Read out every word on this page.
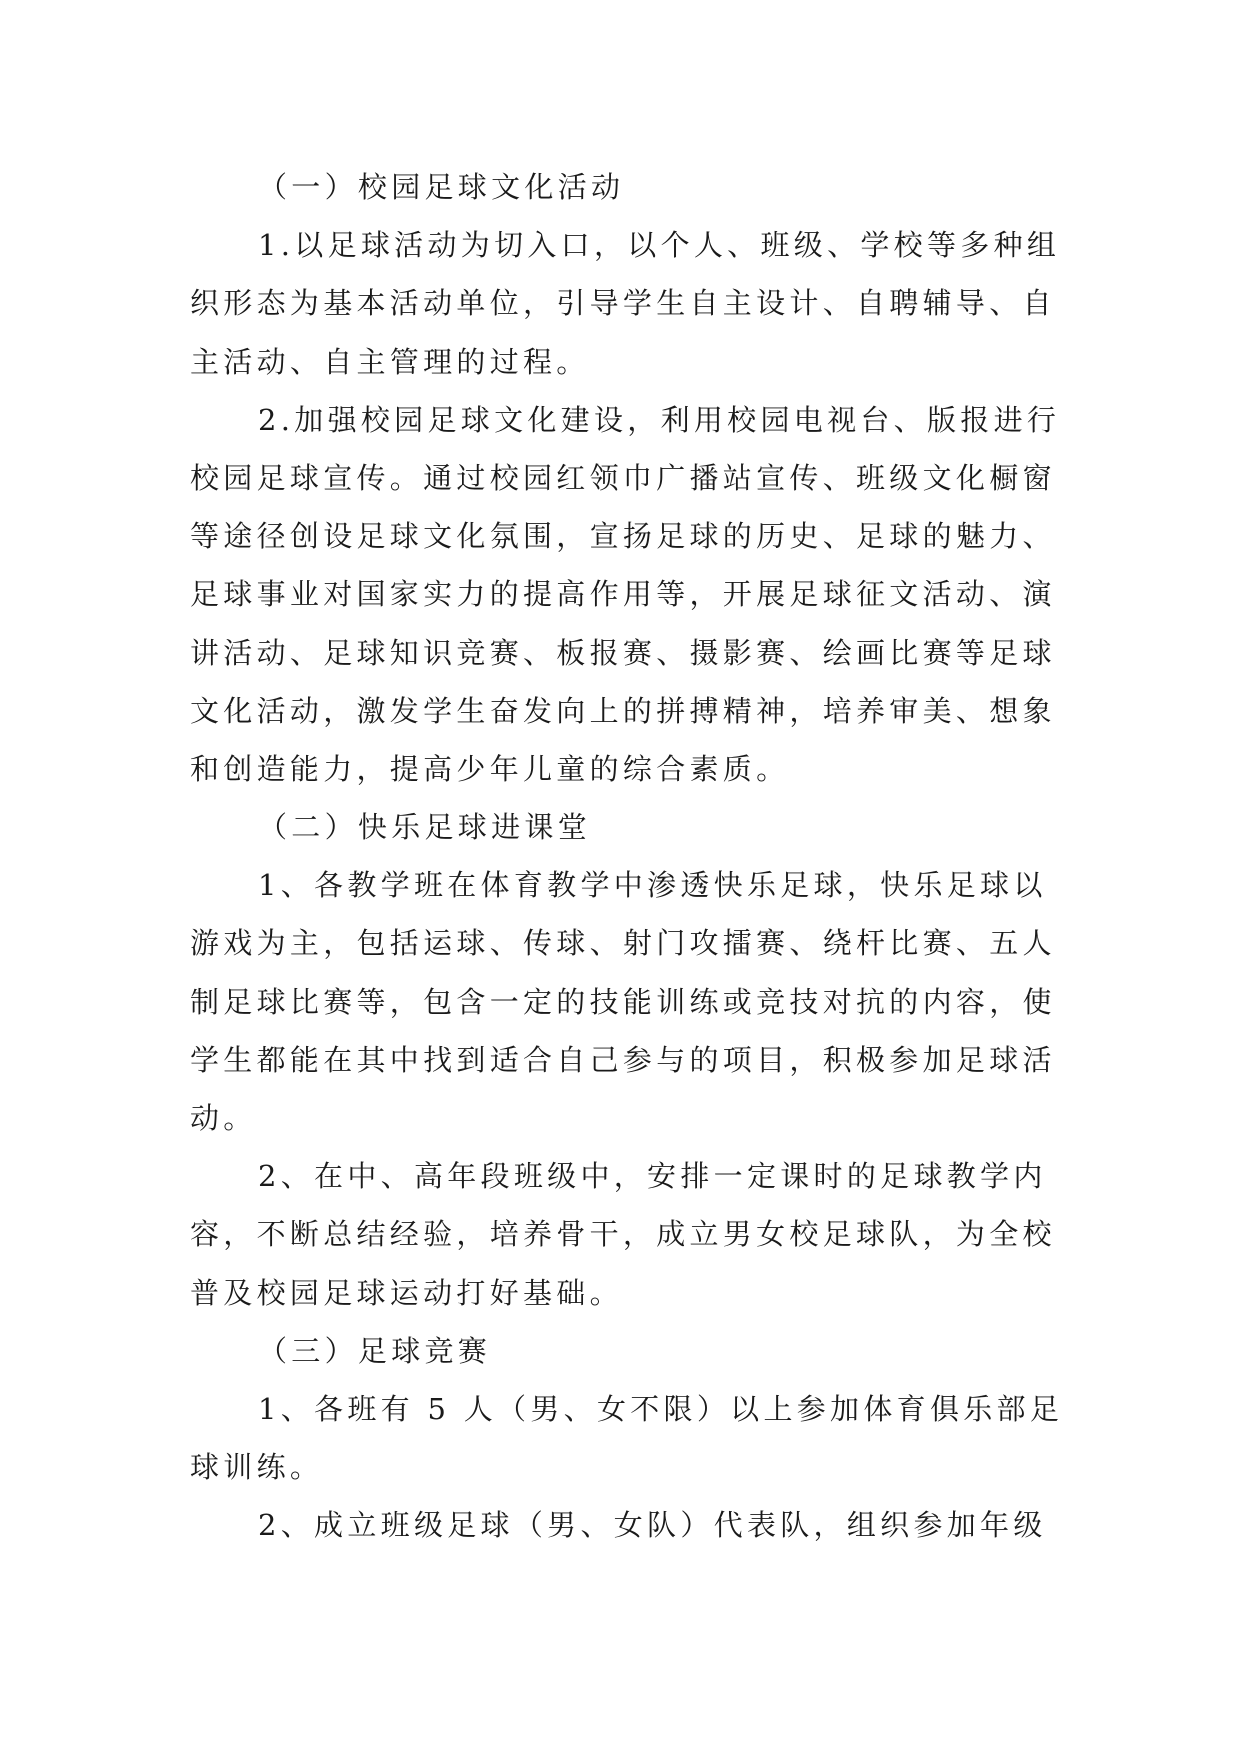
（一）校园足球文化活动
1.以足球活动为切入口，以个人、班级、学校等多种组
织形态为基本活动单位，引导学生自主设计、自聘辅导、自
主活动、自主管理的过程。
2.加强校园足球文化建设，利用校园电视台、版报进行
校园足球宣传。通过校园红领巾广播站宣传、班级文化橱窗
等途径创设足球文化氛围，宣扬足球的历史、足球的魅力、
足球事业对国家实力的提高作用等，开展足球征文活动、演
讲活动、足球知识竞赛、板报赛、摄影赛、绘画比赛等足球
文化活动，激发学生奋发向上的拼搏精神，培养审美、想象
和创造能力，提高少年儿童的综合素质。
（二）快乐足球进课堂
1、各教学班在体育教学中渗透快乐足球，快乐足球以
游戏为主，包括运球、传球、射门攻擂赛、绕杆比赛、五人
制足球比赛等，包含一定的技能训练或竞技对抗的内容，使
学生都能在其中找到适合自己参与的项目，积极参加足球活
动。
2、在中、高年段班级中，安排一定课时的足球教学内
容，不断总结经验，培养骨干，成立男女校足球队，为全校
普及校园足球运动打好基础。
（三）足球竞赛
1、各班有 5 人（男、女不限）以上参加体育俱乐部足
球训练。
2、成立班级足球（男、女队）代表队，组织参加年级
